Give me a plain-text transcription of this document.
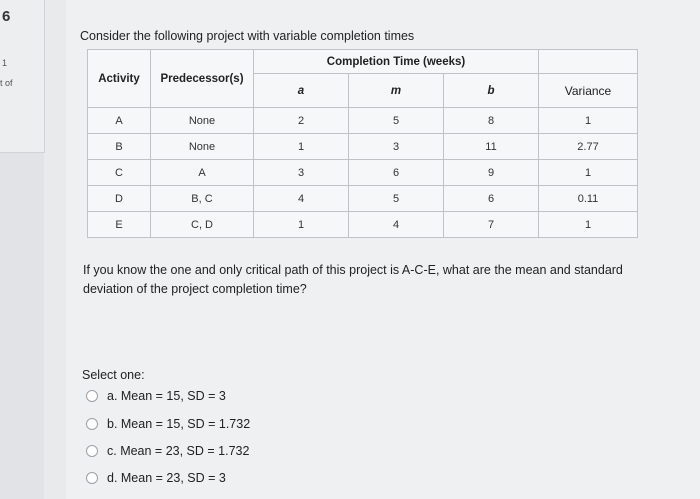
6
1
t of
Consider the following project with variable completion times
Activity	Predecessor(s)	Completion Time (weeks)			
		a	m	b	Variance
A	None	2	5	8	1
B	None	1	3	11	2.77
C	A	3	6	9	1
D	B, C	4	5	6	0.11
E	C, D	1	4	7	1
If you know the one and only critical path of this project is A-C-E, what are the mean and standard deviation of the project completion time?
Select one:
a. Mean = 15, SD = 3
b. Mean = 15, SD = 1.732
c. Mean = 23, SD = 1.732
d. Mean = 23, SD = 3
